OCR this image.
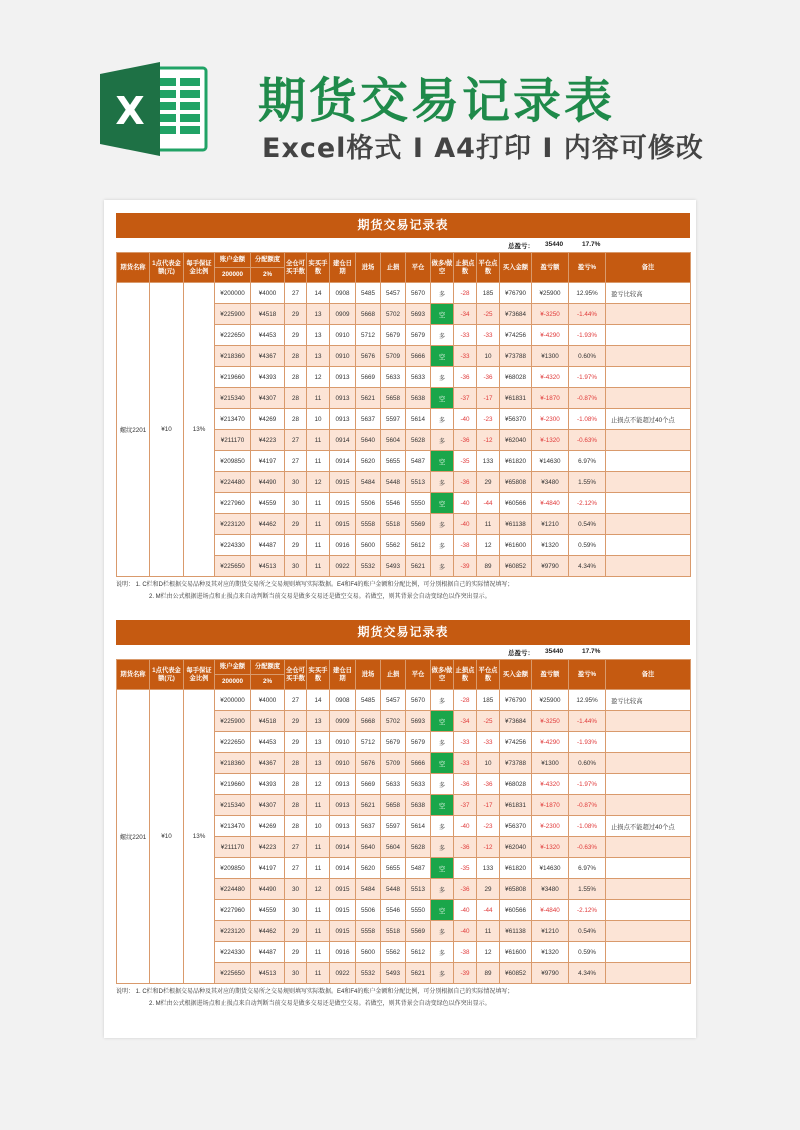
X 期货交易记录表
Excel格式 I A4打印 I 内容可修改
期货交易记录表
总盈亏： 35440	17.7%
期货名称	1点代表金额(元)	每手保证金比例	账户金额	分配额度	全仓可买手数	实买手数	建仓日期	进场	止损	平仓	做多/做空	止损点数	平仓点数	买入金额	盈亏额	盈亏%	备注
			200000	2%													
螺纹2201	¥10	13%	¥200000	¥4000	27	14	0908	5485	5457	5670	多	-28	185	¥76790	¥25900	12.95%	盈亏比较高
			¥225900	¥4518	29	13	0909	5668	5702	5693	空	-34	-25	¥73684	¥-3250	-1.44%	
			¥222650	¥4453	29	13	0910	5712	5679	5679	多	-33	-33	¥74256	¥-4290	-1.93%	
			¥218360	¥4367	28	13	0910	5676	5709	5666	空	-33	10	¥73788	¥1300	0.60%	
			¥219660	¥4393	28	12	0913	5669	5633	5633	多	-36	-36	¥68028	¥-4320	-1.97%	
			¥215340	¥4307	28	11	0913	5621	5658	5638	空	-37	-17	¥61831	¥-1870	-0.87%	
			¥213470	¥4269	28	10	0913	5637	5597	5614	多	-40	-23	¥56370	¥-2300	-1.08%	止损点不能超过40个点
			¥211170	¥4223	27	11	0914	5640	5604	5628	多	-36	-12	¥62040	¥-1320	-0.63%	
			¥209850	¥4197	27	11	0914	5620	5655	5487	空	-35	133	¥61820	¥14630	6.97%	
			¥224480	¥4490	30	12	0915	5484	5448	5513	多	-36	29	¥65808	¥3480	1.55%	
			¥227960	¥4559	30	11	0915	5506	5546	5550	空	-40	-44	¥60566	¥-4840	-2.12%	
			¥223120	¥4462	29	11	0915	5558	5518	5569	多	-40	11	¥61138	¥1210	0.54%	
			¥224330	¥4487	29	11	0916	5600	5562	5612	多	-38	12	¥61600	¥1320	0.59%	
			¥225650	¥4513	30	11	0922	5532	5493	5621	多	-39	89	¥60852	¥9790	4.34%	
说明： 1. C栏和D栏根据交易品种及其对应的期货交易所之交易规则填写实际数据。E4和F4的账户金额和分配比例，可分别根据自己的实际情况填写；
2. M栏由公式根据进场点和止损点来自动判断当前交易是做多交易还是做空交易。若做空，则其背景会自动变绿色以作突出显示。
期货交易记录表
总盈亏： 35440	17.7%
期货名称	1点代表金额(元)	每手保证金比例	账户金额	分配额度	全仓可买手数	实买手数	建仓日期	进场	止损	平仓	做多/做空	止损点数	平仓点数	买入金额	盈亏额	盈亏%	备注
			200000	2%													
螺纹2201	¥10	13%	¥200000	¥4000	27	14	0908	5485	5457	5670	多	-28	185	¥76790	¥25900	12.95%	盈亏比较高
			¥225900	¥4518	29	13	0909	5668	5702	5693	空	-34	-25	¥73684	¥-3250	-1.44%	
			¥222650	¥4453	29	13	0910	5712	5679	5679	多	-33	-33	¥74256	¥-4290	-1.93%	
			¥218360	¥4367	28	13	0910	5676	5709	5666	空	-33	10	¥73788	¥1300	0.60%	
			¥219660	¥4393	28	12	0913	5669	5633	5633	多	-36	-36	¥68028	¥-4320	-1.97%	
			¥215340	¥4307	28	11	0913	5621	5658	5638	空	-37	-17	¥61831	¥-1870	-0.87%	
			¥213470	¥4269	28	10	0913	5637	5597	5614	多	-40	-23	¥56370	¥-2300	-1.08%	止损点不能超过40个点
			¥211170	¥4223	27	11	0914	5640	5604	5628	多	-36	-12	¥62040	¥-1320	-0.63%	
			¥209850	¥4197	27	11	0914	5620	5655	5487	空	-35	133	¥61820	¥14630	6.97%	
			¥224480	¥4490	30	12	0915	5484	5448	5513	多	-36	29	¥65808	¥3480	1.55%	
			¥227960	¥4559	30	11	0915	5506	5546	5550	空	-40	-44	¥60566	¥-4840	-2.12%	
			¥223120	¥4462	29	11	0915	5558	5518	5569	多	-40	11	¥61138	¥1210	0.54%	
			¥224330	¥4487	29	11	0916	5600	5562	5612	多	-38	12	¥61600	¥1320	0.59%	
			¥225650	¥4513	30	11	0922	5532	5493	5621	多	-39	89	¥60852	¥9790	4.34%	
说明： 1. C栏和D栏根据交易品种及其对应的期货交易所之交易规则填写实际数据。E4和F4的账户金额和分配比例，可分别根据自己的实际情况填写；
2. M栏由公式根据进场点和止损点来自动判断当前交易是做多交易还是做空交易。若做空，则其背景会自动变绿色以作突出显示。
